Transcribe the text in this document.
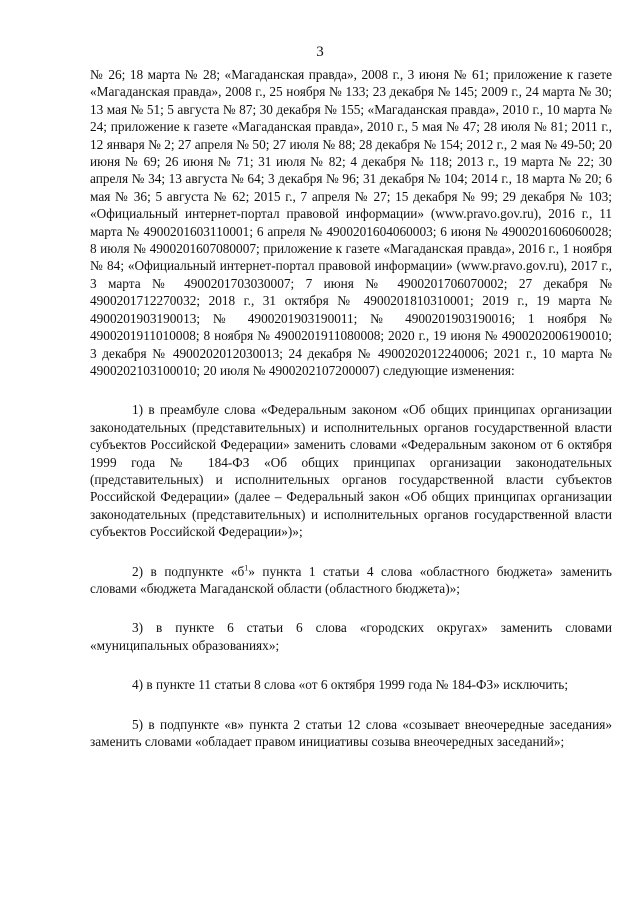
3

№ 26; 18 марта № 28; «Магаданская правда», 2008 г., 3 июня № 61; приложение к газете «Магаданская правда», 2008 г., 25 ноября № 133; 23 декабря № 145; 2009 г., 24 марта № 30; 13 мая № 51; 5 августа № 87; 30 декабря № 155; «Магаданская правда», 2010 г., 10 марта № 24; приложение к газете «Магаданская правда», 2010 г., 5 мая № 47; 28 июля № 81; 2011 г., 12 января № 2; 27 апреля № 50; 27 июля № 88; 28 декабря № 154; 2012 г., 2 мая № 49-50; 20 июня № 69; 26 июня № 71; 31 июля № 82; 4 декабря № 118; 2013 г., 19 марта № 22; 30 апреля № 34; 13 августа № 64; 3 декабря № 96; 31 декабря № 104; 2014 г., 18 марта № 20; 6 мая № 36; 5 августа № 62; 2015 г., 7 апреля № 27; 15 декабря № 99; 29 декабря № 103; «Официальный интернет-портал правовой информации» (www.pravo.gov.ru), 2016 г., 11 марта № 4900201603110001; 6 апреля № 4900201604060003; 6 июня № 4900201606060028; 8 июля № 4900201607080007; приложение к газете «Магаданская правда», 2016 г., 1 ноября № 84; «Официальный интернет-портал правовой информации» (www.pravo.gov.ru), 2017 г., 3 марта № 4900201703030007; 7 июня № 4900201706070002; 27 декабря № 4900201712270032; 2018 г., 31 октября № 4900201810310001; 2019 г., 19 марта № 4900201903190013; № 4900201903190011; № 4900201903190016; 1 ноября № 4900201911010008; 8 ноября № 4900201911080008; 2020 г., 19 июня № 4900202006190010; 3 декабря № 4900202012030013; 24 декабря № 4900202012240006; 2021 г., 10 марта № 4900202103100010; 20 июля № 4900202107200007) следующие изменения:

1) в преамбуле слова «Федеральным законом «Об общих принципах организации законодательных (представительных) и исполнительных органов государственной власти субъектов Российской Федерации» заменить словами «Федеральным законом от 6 октября 1999 года № 184-ФЗ «Об общих принципах организации законодательных (представительных) и исполнительных органов государственной власти субъектов Российской Федерации» (далее – Федеральный закон «Об общих принципах организации законодательных (представительных) и исполнительных органов государственной власти субъектов Российской Федерации»)»;

2) в подпункте «$б^1$» пункта 1 статьи 4 слова «областного бюджета» заменить словами «бюджета Магаданской области (областного бюджета)»;

3) в пункте 6 статьи 6 слова «городских округах» заменить словами «муниципальных образованиях»;

4) в пункте 11 статьи 8 слова «от 6 октября 1999 года № 184-ФЗ» исключить;

5) в подпункте «в» пункта 2 статьи 12 слова «созывает внеочередные заседания» заменить словами «обладает правом инициативы созыва внеочередных заседаний»;
